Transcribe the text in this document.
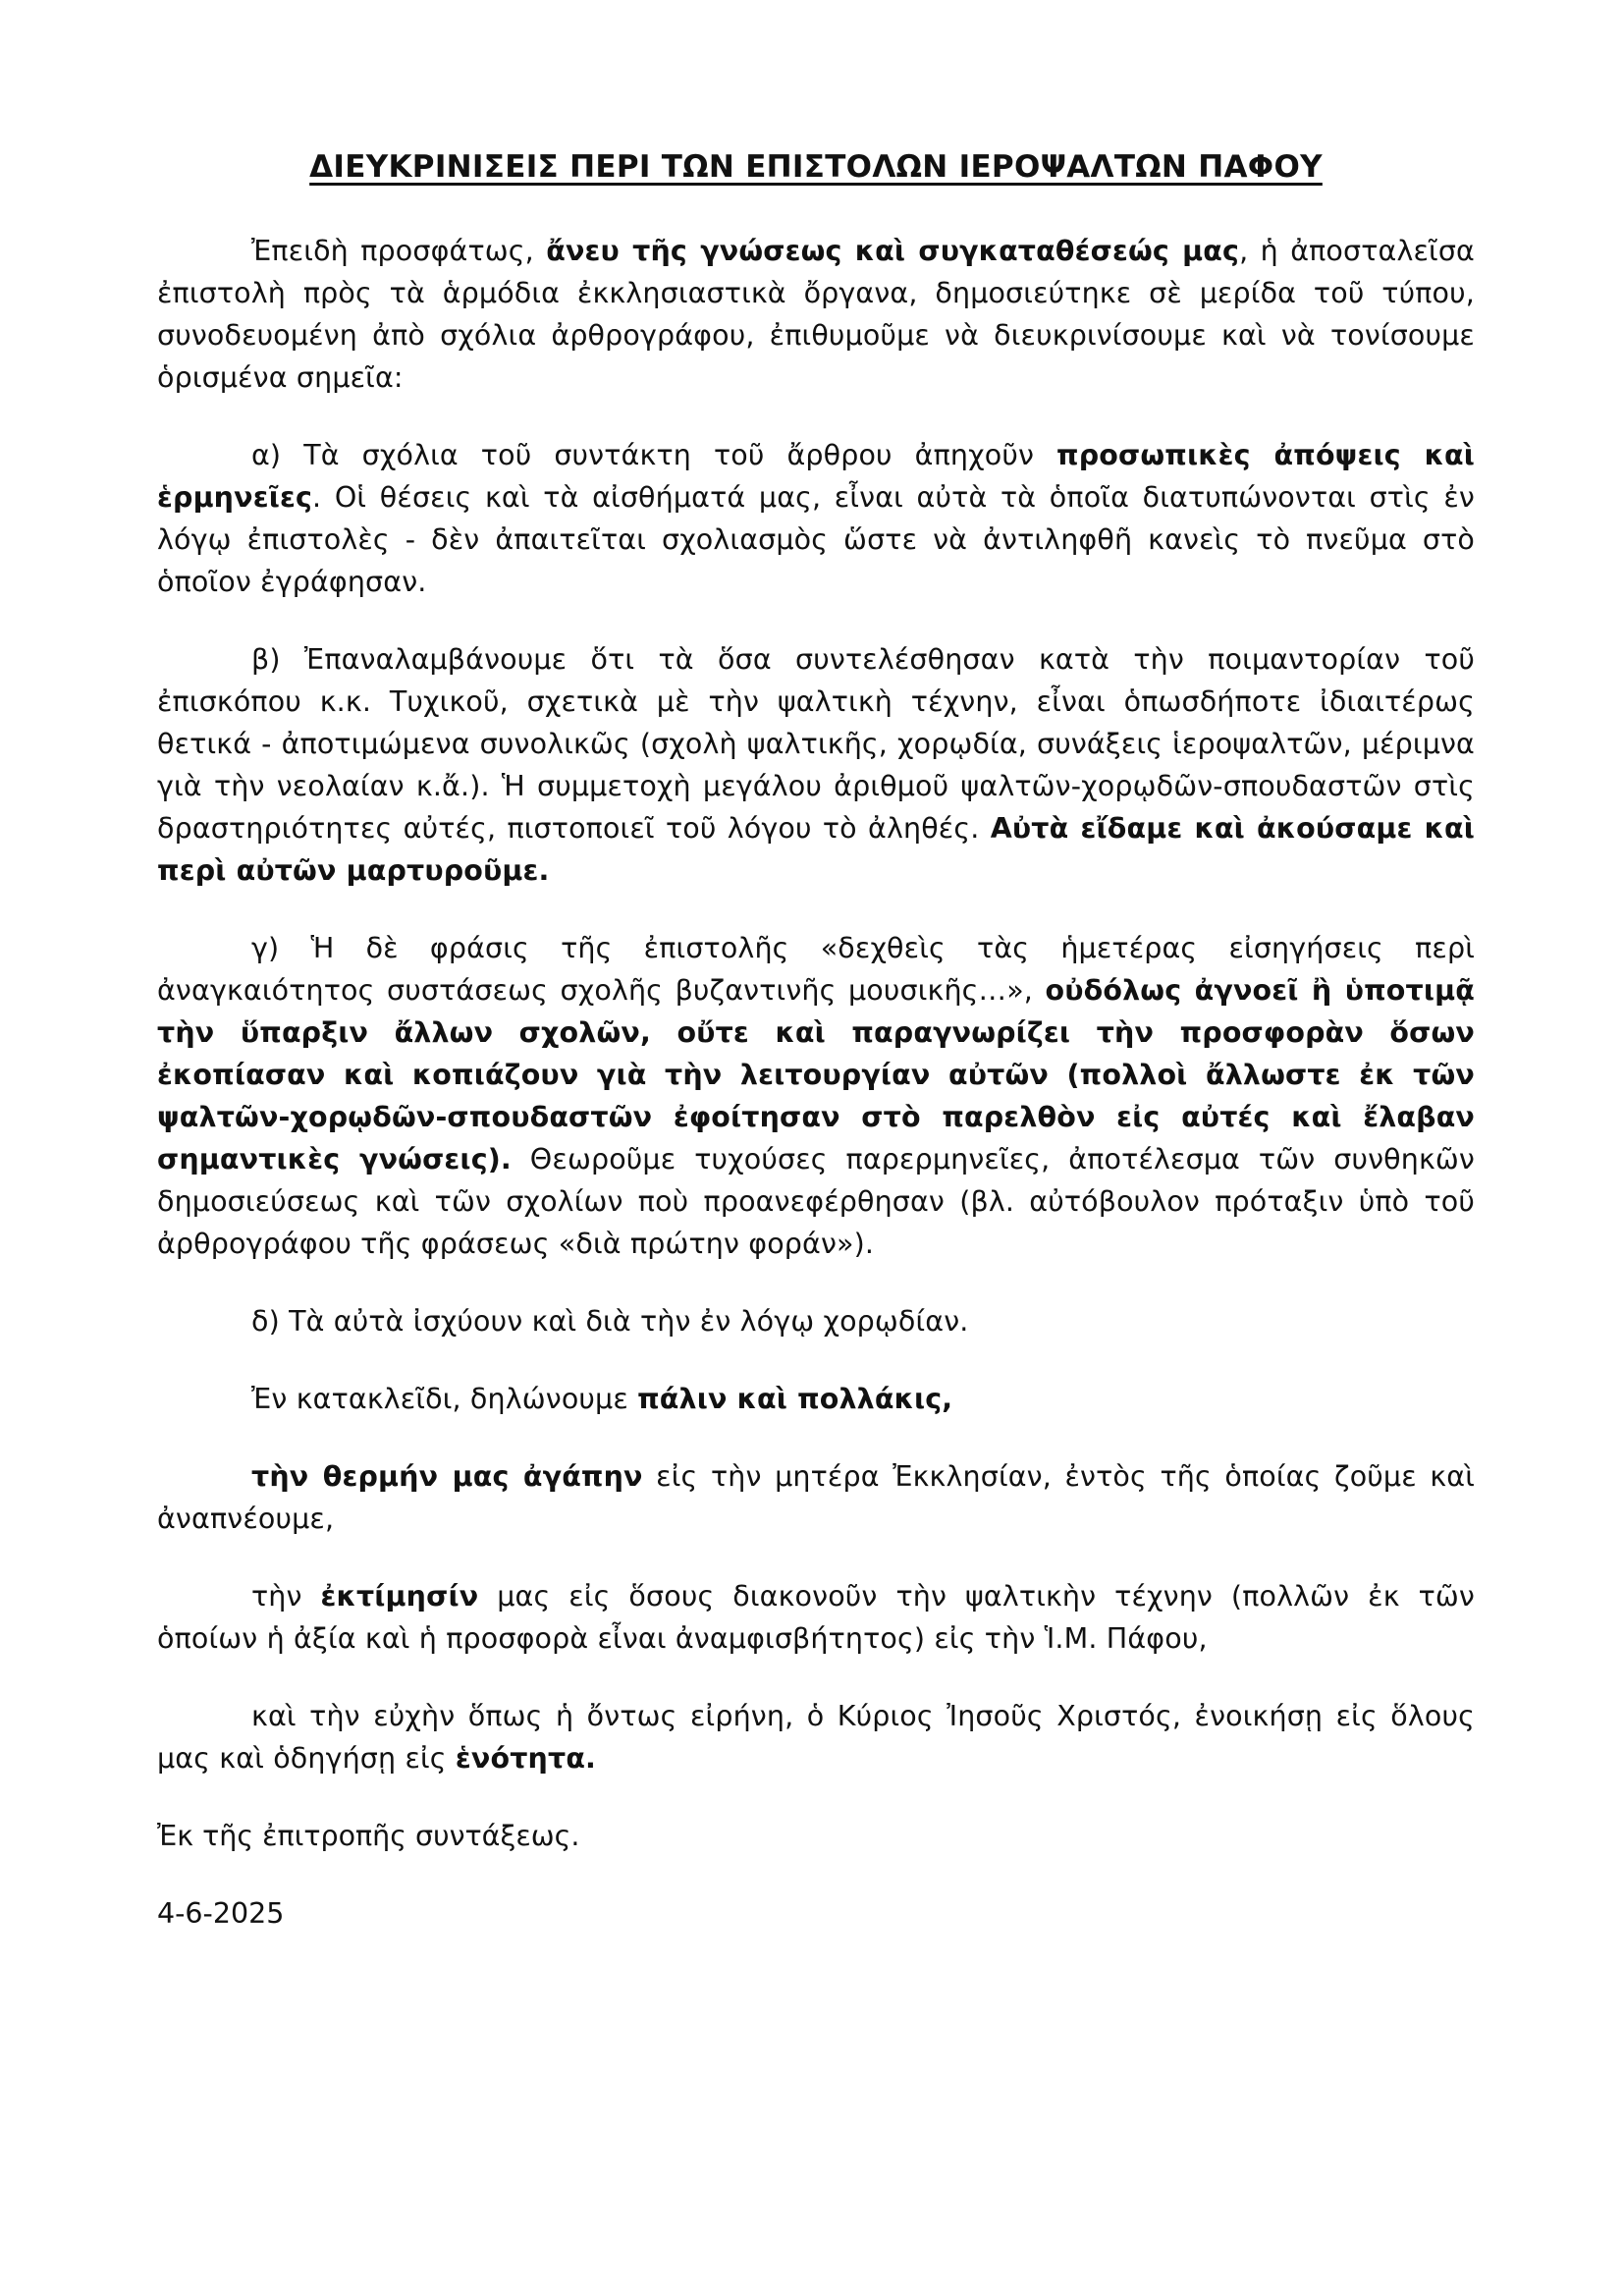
ΔΙΕΥΚΡΙΝΙΣΕΙΣ ΠΕΡΙ ΤΩΝ ΕΠΙΣΤΟΛΩΝ ΙΕΡΟΨΑΛΤΩΝ ΠΑΦΟΥ

Ἐπειδὴ προσφάτως, ἄνευ τῆς γνώσεως καὶ συγκαταθέσεώς μας, ἡ ἀποσταλεῖσα ἐπιστολὴ πρὸς τὰ ἁρμόδια ἐκκλησιαστικὰ ὄργανα, δημοσιεύτηκε σὲ μερίδα τοῦ τύπου, συνοδευομένη ἀπὸ σχόλια ἀρθρογράφου, ἐπιθυμοῦμε νὰ διευκρινίσουμε καὶ νὰ τονίσουμε ὁρισμένα σημεῖα:

α) Τὰ σχόλια τοῦ συντάκτη τοῦ ἄρθρου ἀπηχοῦν προσωπικὲς ἀπόψεις καὶ ἑρμηνεῖες. Οἱ θέσεις καὶ τὰ αἰσθήματά μας, εἶναι αὐτὰ τὰ ὁποῖα διατυπώνονται στὶς ἐν λόγῳ ἐπιστολὲς - δὲν ἀπαιτεῖται σχολιασμὸς ὥστε νὰ ἀντιληφθῆ κανεὶς τὸ πνεῦμα στὸ ὁποῖον ἐγράφησαν.

β) Ἐπαναλαμβάνουμε ὅτι τὰ ὅσα συντελέσθησαν κατὰ τὴν ποιμαντορίαν τοῦ ἐπισκόπου κ.κ. Τυχικοῦ, σχετικὰ μὲ τὴν ψαλτικὴ τέχνην, εἶναι ὁπωσδήποτε ἰδιαιτέρως θετικά - ἀποτιμώμενα συνολικῶς (σχολὴ ψαλτικῆς, χορῳδία, συνάξεις ἱεροψαλτῶν, μέριμνα γιὰ τὴν νεολαίαν κ.ἄ.). Ἡ συμμετοχὴ μεγάλου ἀριθμοῦ ψαλτῶν-χορῳδῶν-σπουδαστῶν στὶς δραστηριότητες αὐτές, πιστοποιεῖ τοῦ λόγου τὸ ἀληθές. Αὐτὰ εἴδαμε καὶ ἀκούσαμε καὶ περὶ αὐτῶν μαρτυροῦμε.

γ) Ἡ δὲ φράσις τῆς ἐπιστολῆς «δεχθεὶς τὰς ἡμετέρας εἰσηγήσεις περὶ ἀναγκαιότητος συστάσεως σχολῆς βυζαντινῆς μουσικῆς…», οὐδόλως ἀγνοεῖ ἢ ὑποτιμᾷ τὴν ὕπαρξιν ἄλλων σχολῶν, οὔτε καὶ παραγνωρίζει τὴν προσφορὰν ὅσων ἐκοπίασαν καὶ κοπιάζουν γιὰ τὴν λειτουργίαν αὐτῶν (πολλοὶ ἄλλωστε ἐκ τῶν ψαλτῶν-χορῳδῶν-σπουδαστῶν ἐφοίτησαν στὸ παρελθὸν εἰς αὐτές καὶ ἔλαβαν σημαντικὲς γνώσεις). Θεωροῦμε τυχούσες παρερμηνεῖες, ἀποτέλεσμα τῶν συνθηκῶν δημοσιεύσεως καὶ τῶν σχολίων ποὺ προανεφέρθησαν (βλ. αὐτόβουλον πρόταξιν ὑπὸ τοῦ ἀρθρογράφου τῆς φράσεως «διὰ πρώτην φοράν»).

δ) Τὰ αὐτὰ ἰσχύουν καὶ διὰ τὴν ἐν λόγῳ χορῳδίαν.

Ἐν κατακλεῖδι, δηλώνουμε πάλιν καὶ πολλάκις,

τὴν θερμήν μας ἀγάπην εἰς τὴν μητέρα Ἐκκλησίαν, ἐντὸς τῆς ὁποίας ζοῦμε καὶ ἀναπνέουμε,

τὴν ἐκτίμησίν μας εἰς ὅσους διακονοῦν τὴν ψαλτικὴν τέχνην (πολλῶν ἐκ τῶν ὁποίων ἡ ἀξία καὶ ἡ προσφορὰ εἶναι ἀναμφισβήτητος) εἰς τὴν Ἱ.Μ. Πάφου,

καὶ τὴν εὐχὴν ὅπως ἡ ὄντως εἰρήνη, ὁ Κύριος Ἰησοῦς Χριστός, ἐνοικήσῃ εἰς ὅλους μας καὶ ὁδηγήσῃ εἰς ἑνότητα.

Ἐκ τῆς ἐπιτροπῆς συντάξεως.

4-6-2025
